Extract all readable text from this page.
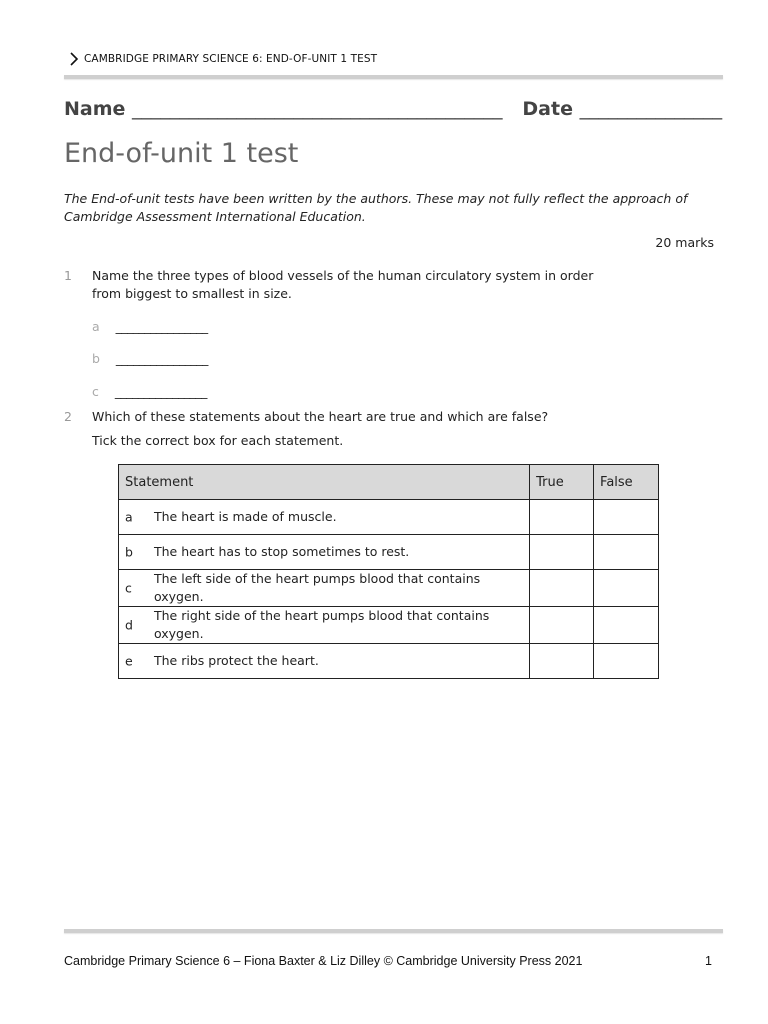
CAMBRIDGE PRIMARY SCIENCE 6: END-OF-UNIT 1 TEST
Name _______________________________________ Date _______________
End-of-unit 1 test
The End-of-unit tests have been written by the authors. These may not fully reflect the approach of Cambridge Assessment International Education.
20 marks
1 Name the three types of blood vessels of the human circulatory system in order from biggest to smallest in size.
a ________________
b ________________
c ________________
2 Which of these statements about the heart are true and which are false?
Tick the correct box for each statement.
Statement	True	False

a The heart is made of muscle.		

b The heart has to stop sometimes to rest.		

c
The left side of the heart pumps blood that contains oxygen.		

d
The right side of the heart pumps blood that contains oxygen.		

e The ribs protect the heart.		

Cambridge Primary Science 6 – Fiona Baxter & Liz Dilley © Cambridge University Press 2021	1
